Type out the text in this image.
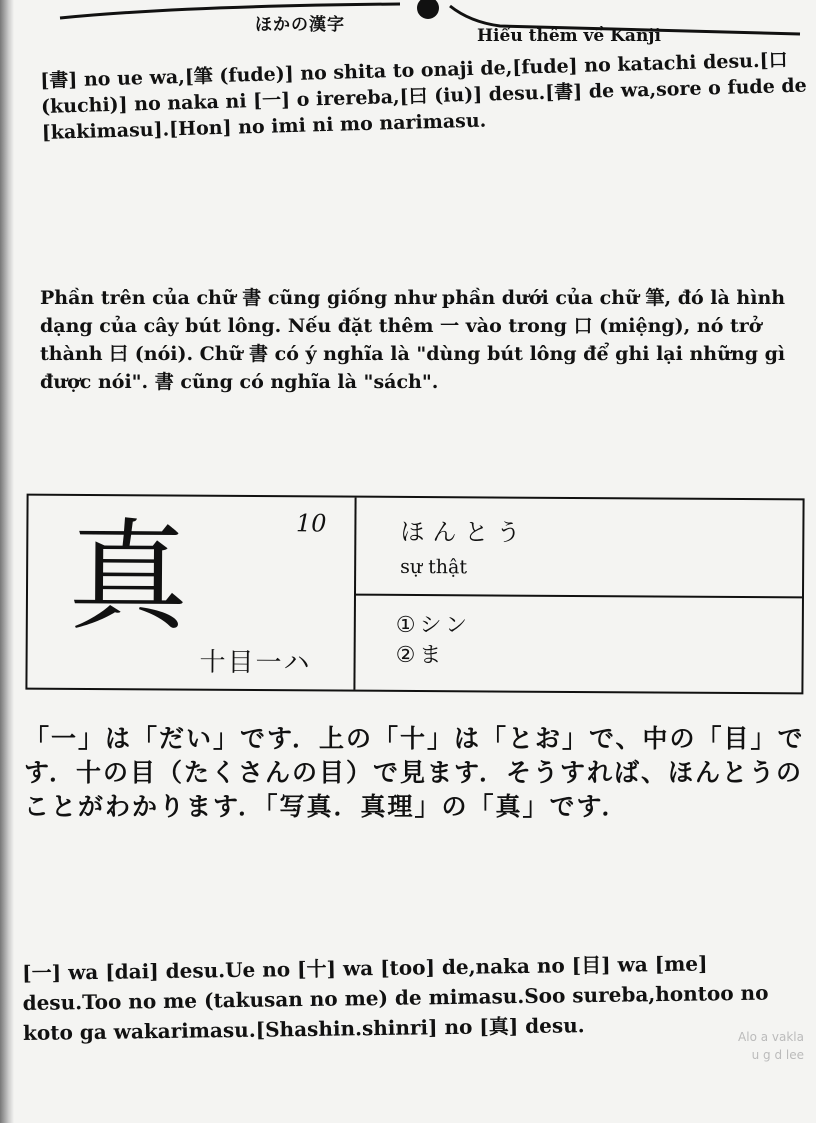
ほかの漢字
Hiểu thêm về Kanji
[書] no ue wa,[筆 (fude)] no shita to onaji de,[fude] no katachi desu.[口 (kuchi)] no naka ni [一] o irereba,[曰 (iu)] desu.[書] de wa,sore o fude de [kakimasu].[Hon] no imi ni mo narimasu.
Phần trên của chữ 書 cũng giống như phần dưới của chữ 筆, đó là hình dạng của cây bút lông. Nếu đặt thêm 一 vào trong 口 (miệng), nó trở thành 曰 (nói). Chữ 書 có ý nghĩa là "dùng bút lông để ghi lại những gì được nói". 書 cũng có nghĩa là "sách".
真	10
十目一ハ
ほんとう
sự thật
①シン
②ま
「一」は「だい」です．上の「十」は「とお」で、中の「目」です．十の目（たくさんの目）で見ます．そうすれば、ほんとうのことがわかります．「写真．真理」の「真」です．
[一] wa [dai] desu.Ue no [十] wa [too] de,naka no [目] wa [me] desu.Too no me (takusan no me) de mimasu.Soo sureba,hontoo no koto ga wakarimasu.[Shashin.shinri] no [真] desu.	Alo a vakla
u g d lee
